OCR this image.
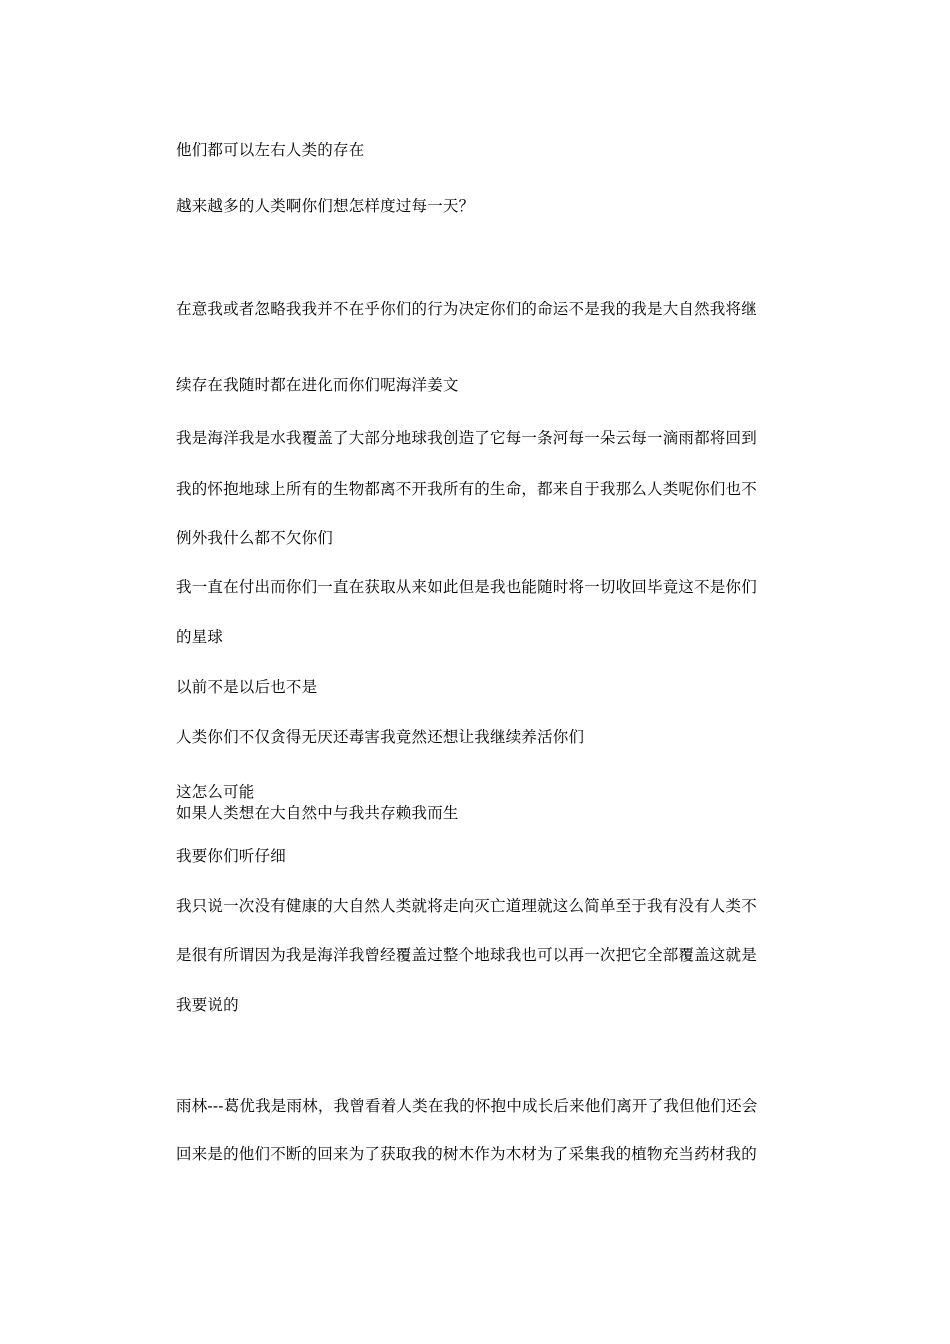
他们都可以左右人类的存在
越来越多的人类啊你们想怎样度过每一天？
在意我或者忽略我我并不在乎你们的行为决定你们的命运不是我的我是大自然我将继
续存在我随时都在进化而你们呢海洋姜文
我是海洋我是水我覆盖了大部分地球我创造了它每一条河每一朵云每一滴雨都将回到
我的怀抱地球上所有的生物都离不开我所有的生命，都来自于我那么人类呢你们也不
例外我什么都不欠你们
我一直在付出而你们一直在获取从来如此但是我也能随时将一切收回毕竟这不是你们
的星球
以前不是以后也不是
人类你们不仅贪得无厌还毒害我竟然还想让我继续养活你们
这怎么可能
如果人类想在大自然中与我共存赖我而生
我要你们听仔细
我只说一次没有健康的大自然人类就将走向灭亡道理就这么简单至于我有没有人类不
是很有所谓因为我是海洋我曾经覆盖过整个地球我也可以再一次把它全部覆盖这就是
我要说的
雨林---葛优我是雨林，我曾看着人类在我的怀抱中成长后来他们离开了我但他们还会
回来是的他们不断的回来为了获取我的树木作为木材为了采集我的植物充当药材我的
